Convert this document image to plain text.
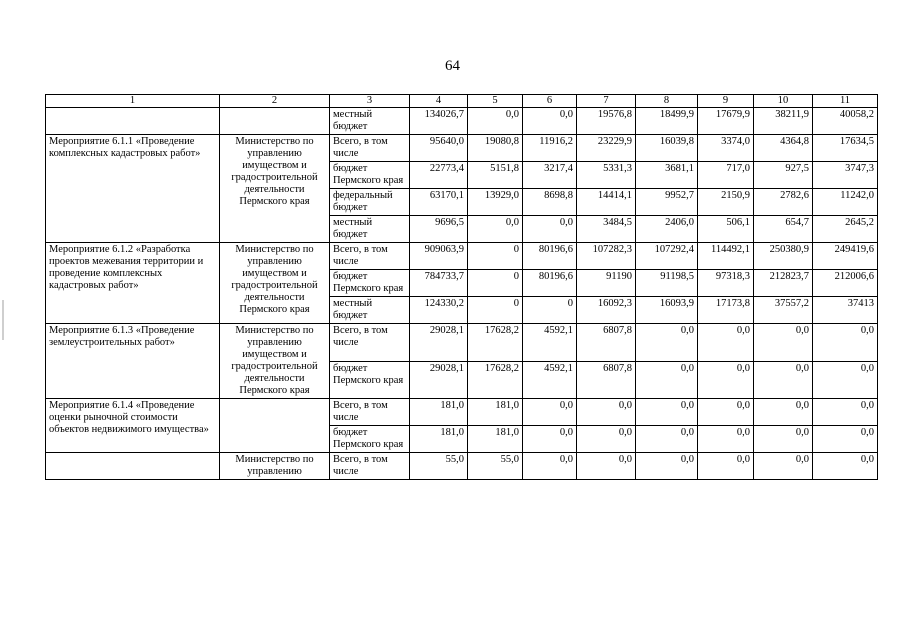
64
1	2	3	4	5	6	7	8	9	10	11
		местный бюджет	134026,7	0,0	0,0	19576,8	18499,9	17679,9	38211,9	40058,2
Мероприятие 6.1.1 «Проведение комплексных кадастровых работ»	Министерство по управлению имуществом и градостроительной деятельности Пермского края	Всего, в том числе	95640,0	19080,8	11916,2	23229,9	16039,8	3374,0	4364,8	17634,5
		бюджет Пермского края	22773,4	5151,8	3217,4	5331,3	3681,1	717,0	927,5	3747,3
		федеральный бюджет	63170,1	13929,0	8698,8	14414,1	9952,7	2150,9	2782,6	11242,0
		местный бюджет	9696,5	0,0	0,0	3484,5	2406,0	506,1	654,7	2645,2
Мероприятие 6.1.2 «Разработка проектов межевания территории и проведение комплексных кадастровых работ»	Министерство по управлению имуществом и градостроительной деятельности Пермского края	Всего, в том числе	909063,9	0	80196,6	107282,3	107292,4	114492,1	250380,9	249419,6
		бюджет Пермского края	784733,7	0	80196,6	91190	91198,5	97318,3	212823,7	212006,6
		местный бюджет	124330,2	0	0	16092,3	16093,9	17173,8	37557,2	37413
Мероприятие 6.1.3 «Проведение землеустроительных работ»	Министерство по управлению имуществом и градостроительной деятельности Пермского края	Всего, в том числе	29028,1	17628,2	4592,1	6807,8	0,0	0,0	0,0	0,0
		бюджет Пермского края	29028,1	17628,2	4592,1	6807,8	0,0	0,0	0,0	0,0
Мероприятие 6.1.4 «Проведение оценки рыночной стоимости объектов недвижимого имущества»		Всего, в том числе	181,0	181,0	0,0	0,0	0,0	0,0	0,0	0,0
		бюджет Пермского края	181,0	181,0	0,0	0,0	0,0	0,0	0,0	0,0
	Министерство по управлению	Всего, в том числе	55,0	55,0	0,0	0,0	0,0	0,0	0,0	0,0
